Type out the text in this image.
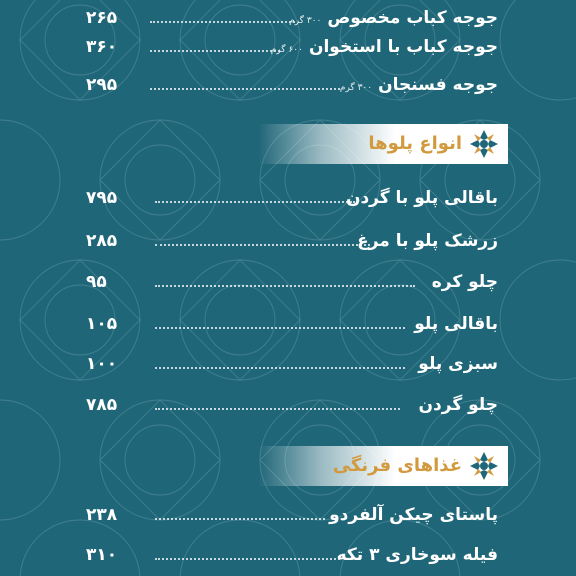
۲۶۵	جوجه کباب مخصوص۳۰۰ گرم
۳۶۰	جوجه کباب با استخوان۶۰۰ گرم
۲۹۵	جوجه فسنجان۳۰۰ گرم
انواع پلوها
۷۹۵	باقالی پلو با گردن
۲۸۵	زرشک پلو با مرغ
۹۵	چلو کره
۱۰۵	باقالی پلو
۱۰۰	سبزی پلو
۷۸۵	چلو گردن
غذاهای فرنگی
۲۳۸	پاستای چیکن آلفردو
۳۱۰	فیله سوخاری ۳ تکه
